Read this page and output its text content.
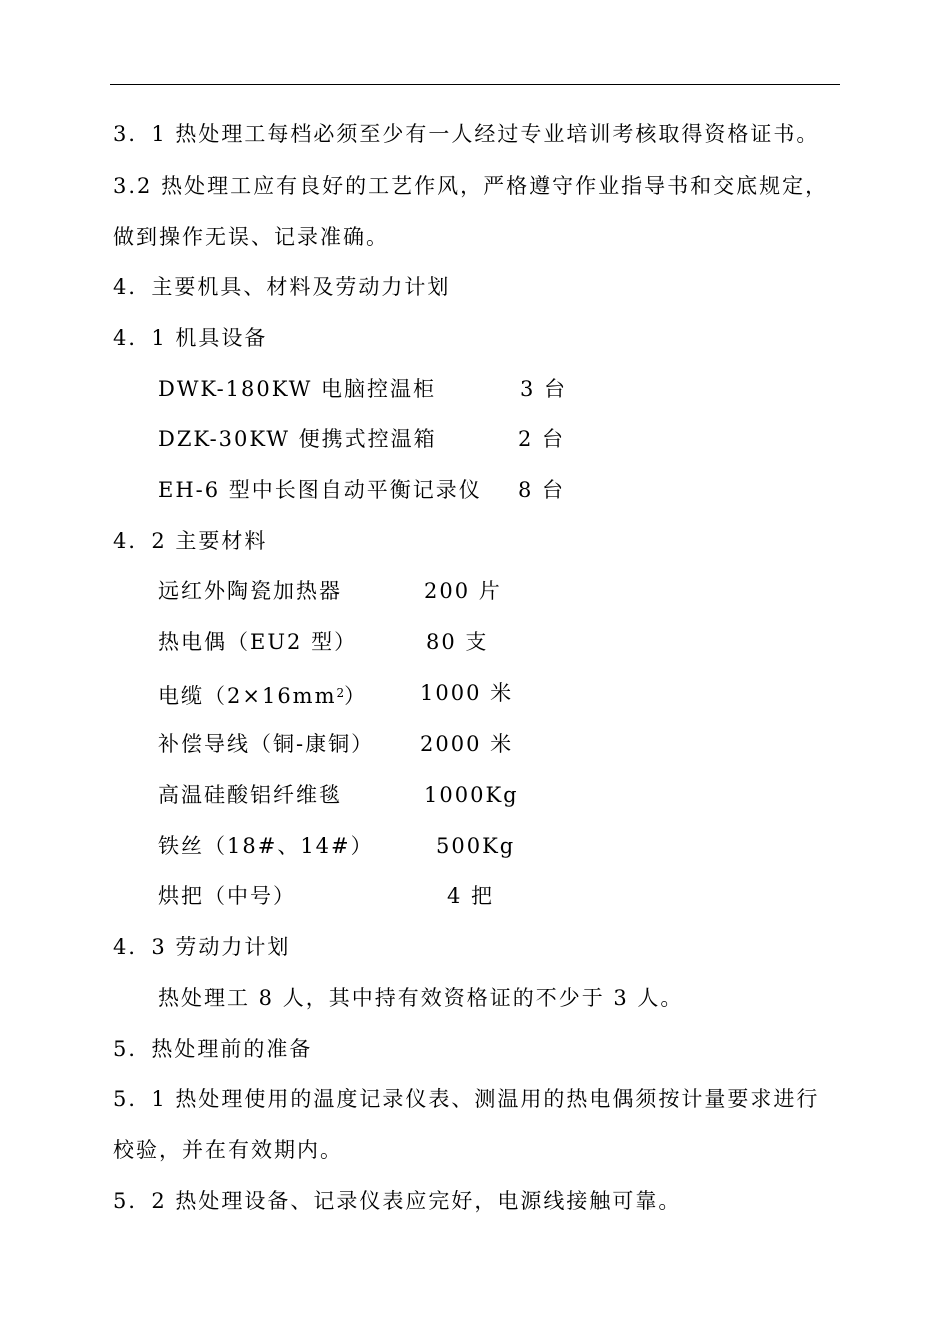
3．1 热处理工每档必须至少有一人经过专业培训考核取得资格证书。
3.2 热处理工应有良好的工艺作风，严格遵守作业指导书和交底规定，
做到操作无误、记录准确。
4．主要机具、材料及劳动力计划
4．1 机具设备
DWK-180KW 电脑控温柜	3 台
DZK-30KW 便携式控温箱	2 台
EH-6 型中长图自动平衡记录仪 8 台
4．2 主要材料
远红外陶瓷加热器	200 片
热电偶（EU2 型）	80 支
电缆$(2\times 16mm^2)$	1000 米
补偿导线（铜-康铜） 2000 米
高温硅酸铝纤维毯	1000Kg
铁丝（18#、14#）	500Kg
烘把（中号）	4 把
4．3 劳动力计划
热处理工 8 人，其中持有效资格证的不少于 3 人。
5．热处理前的准备
5．1 热处理使用的温度记录仪表、测温用的热电偶须按计量要求进行
校验，并在有效期内。
5．2 热处理设备、记录仪表应完好，电源线接触可靠。
